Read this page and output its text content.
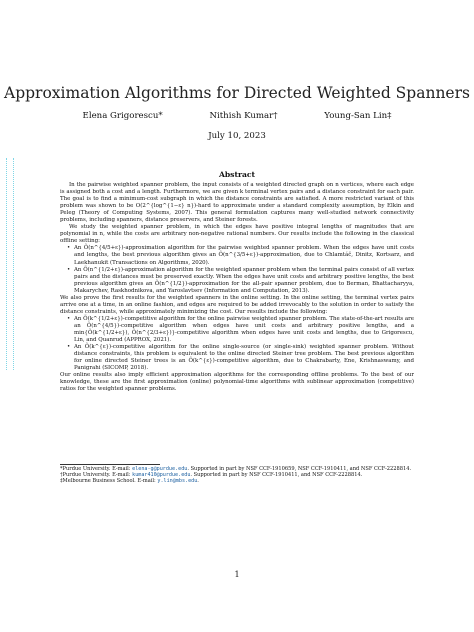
Approximation Algorithms for Directed Weighted Spanners
Elena Grigorescu*	Nithish Kumar†	Young-San Lin‡
July 10, 2023
Abstract

In the pairwise weighted spanner problem, the input consists of a weighted directed graph on n vertices, where each edge is assigned both a cost and a length. Furthermore, we are given k terminal vertex pairs and a distance constraint for each pair. The goal is to find a minimum-cost subgraph in which the distance constraints are satisfied. A more restricted variant of this problem was shown to be O(2^{log^{1−ε} n})-hard to approximate under a standard complexity assumption, by Elkin and Peleg (Theory of Computing Systems, 2007). This general formulation captures many well-studied network connectivity problems, including spanners, distance preservers, and Steiner forests.

We study the weighted spanner problem, in which the edges have positive integral lengths of magnitudes that are polynomial in n, while the costs are arbitrary non-negative rational numbers. Our results include the following in the classical offline setting:

• An Õ(n^{4/5+ε})-approximation algorithm for the pairwise weighted spanner problem. When the edges have unit costs and lengths, the best previous algorithm gives an Õ(n^{3/5+ε})-approximation, due to Chlamtáč, Dinitz, Kortsarz, and Laekhanukit (Transactions on Algorithms, 2020).
• An Õ(n^{1/2+ε})-approximation algorithm for the weighted spanner problem when the terminal pairs consist of all vertex pairs and the distances must be preserved exactly. When the edges have unit costs and arbitrary positive lengths, the best previous algorithm gives an Õ(n^{1/2})-approximation for the all-pair spanner problem, due to Berman, Bhattacharyya, Makarychev, Raskhodnikova, and Yaroslavtsev (Information and Computation, 2013).

We also prove the first results for the weighted spanners in the online setting. In the online setting, the terminal vertex pairs arrive one at a time, in an online fashion, and edges are required to be added irrevocably to the solution in order to satisfy the distance constraints, while approximately minimizing the cost. Our results include the following:

• An Õ(k^{1/2+ε})-competitive algorithm for the online pairwise weighted spanner problem. The state-of-the-art results are an Õ(n^{4/5})-competitive algorithm when edges have unit costs and arbitrary positive lengths, and a min{Õ(k^{1/2+ε}), Õ(n^{2/3+ε})}-competitive algorithm when edges have unit costs and lengths, due to Grigorescu, Lin, and Quanrud (APPROX, 2021).
• An Õ(k^{ε})-competitive algorithm for the online single-source (or single-sink) weighted spanner problem. Without distance constraints, this problem is equivalent to the online directed Steiner tree problem. The best previous algorithm for online directed Steiner trees is an Õ(k^{ε})-competitive algorithm, due to Chakrabarty, Ene, Krishnaswamy, and Panigrahi (SICOMP, 2018).

Our online results also imply efficient approximation algorithms for the corresponding offline problems. To the best of our knowledge, these are the first approximation (online) polynomial-time algorithms with sublinear approximation (competitive) ratios for the weighted spanner problems.

*Purdue University. E-mail: elena-g@purdue.edu. Supported in part by NSF CCF-1910659, NSF CCF-1910411, and NSF CCF-2228814.
†Purdue University. E-mail: kumar410@purdue.edu. Supported in part by NSF CCF-1910411, and NSF CCF-2228814.
‡Melbourne Business School. E-mail: y.lin@mbs.edu.
1
